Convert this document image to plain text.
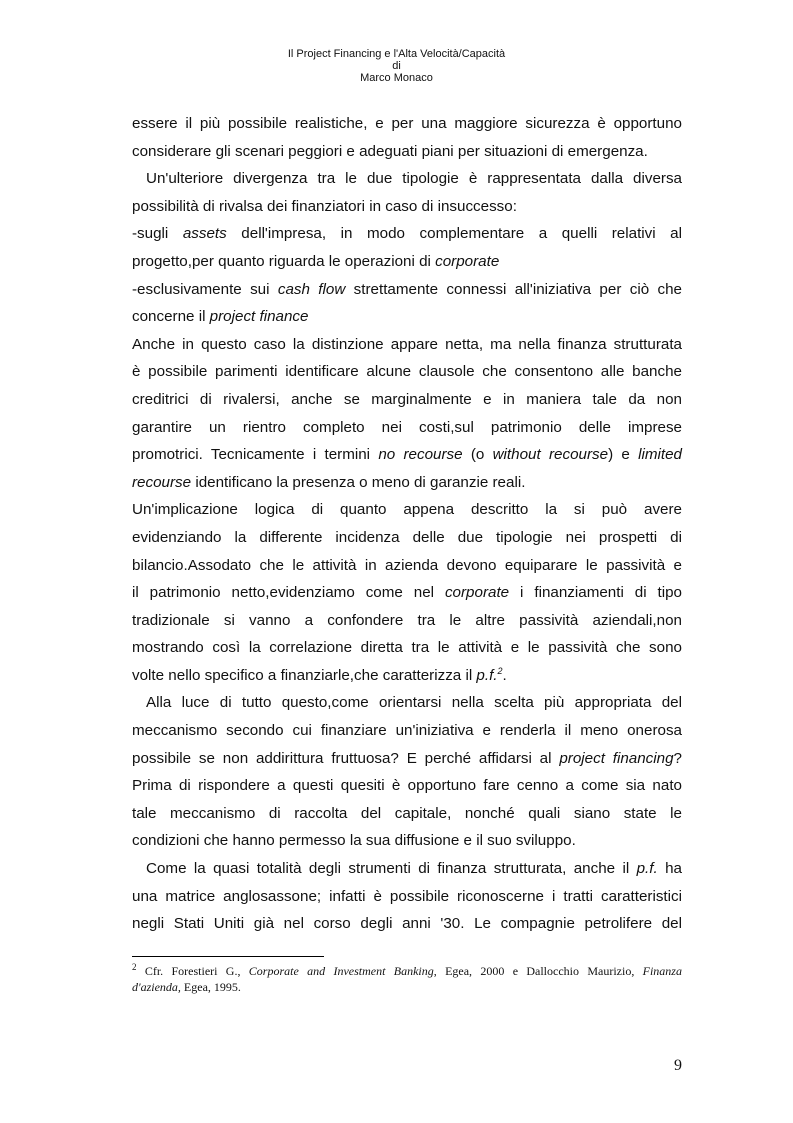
Il Project Financing e l'Alta Velocità/Capacità
di
Marco Monaco
essere il più possibile realistiche, e per una maggiore sicurezza è opportuno
considerare gli scenari peggiori e adeguati piani per situazioni di emergenza.
Un'ulteriore divergenza tra le due tipologie è rappresentata dalla diversa
possibilità di rivalsa dei finanziatori in caso di insuccesso:
-sugli assets dell'impresa, in modo complementare a quelli relativi al
progetto,per quanto riguarda le operazioni di corporate
-esclusivamente sui cash flow strettamente connessi all'iniziativa per ciò che
concerne il project finance
Anche in questo caso la distinzione appare netta, ma nella finanza strutturata
è possibile parimenti identificare alcune clausole che consentono alle banche
creditrici di rivalersi, anche se marginalmente e in maniera tale da non
garantire un rientro completo nei costi,sul patrimonio delle imprese
promotrici. Tecnicamente i termini no recourse (o without recourse) e limited
recourse identificano la presenza o meno di garanzie reali.
Un'implicazione logica di quanto appena descritto la si può avere
evidenziando la differente incidenza delle due tipologie nei prospetti di
bilancio.Assodato che le attività in azienda devono equiparare le passività e
il patrimonio netto,evidenziamo come nel corporate i finanziamenti di tipo
tradizionale si vanno a confondere tra le altre passività aziendali,non
mostrando così la correlazione diretta tra le attività e le passività che sono
volte nello specifico a finanziarle,che caratterizza il p.f.$^2$.
Alla luce di tutto questo,come orientarsi nella scelta più appropriata del
meccanismo secondo cui finanziare un'iniziativa e renderla il meno onerosa
possibile se non addirittura fruttuosa? E perché affidarsi al project financing?
Prima di rispondere a questi quesiti è opportuno fare cenno a come sia nato
tale meccanismo di raccolta del capitale, nonché quali siano state le
condizioni che hanno permesso la sua diffusione e il suo sviluppo.
Come la quasi totalità degli strumenti di finanza strutturata, anche il p.f. ha
una matrice anglosassone; infatti è possibile riconoscerne i tratti caratteristici
negli Stati Uniti già nel corso degli anni '30. Le compagnie petrolifere del
$^2$ Cfr. Forestieri G., Corporate and Investment Banking, Egea, 2000 e Dallocchio Maurizio, Finanza
d'azienda, Egea, 1995.
9
